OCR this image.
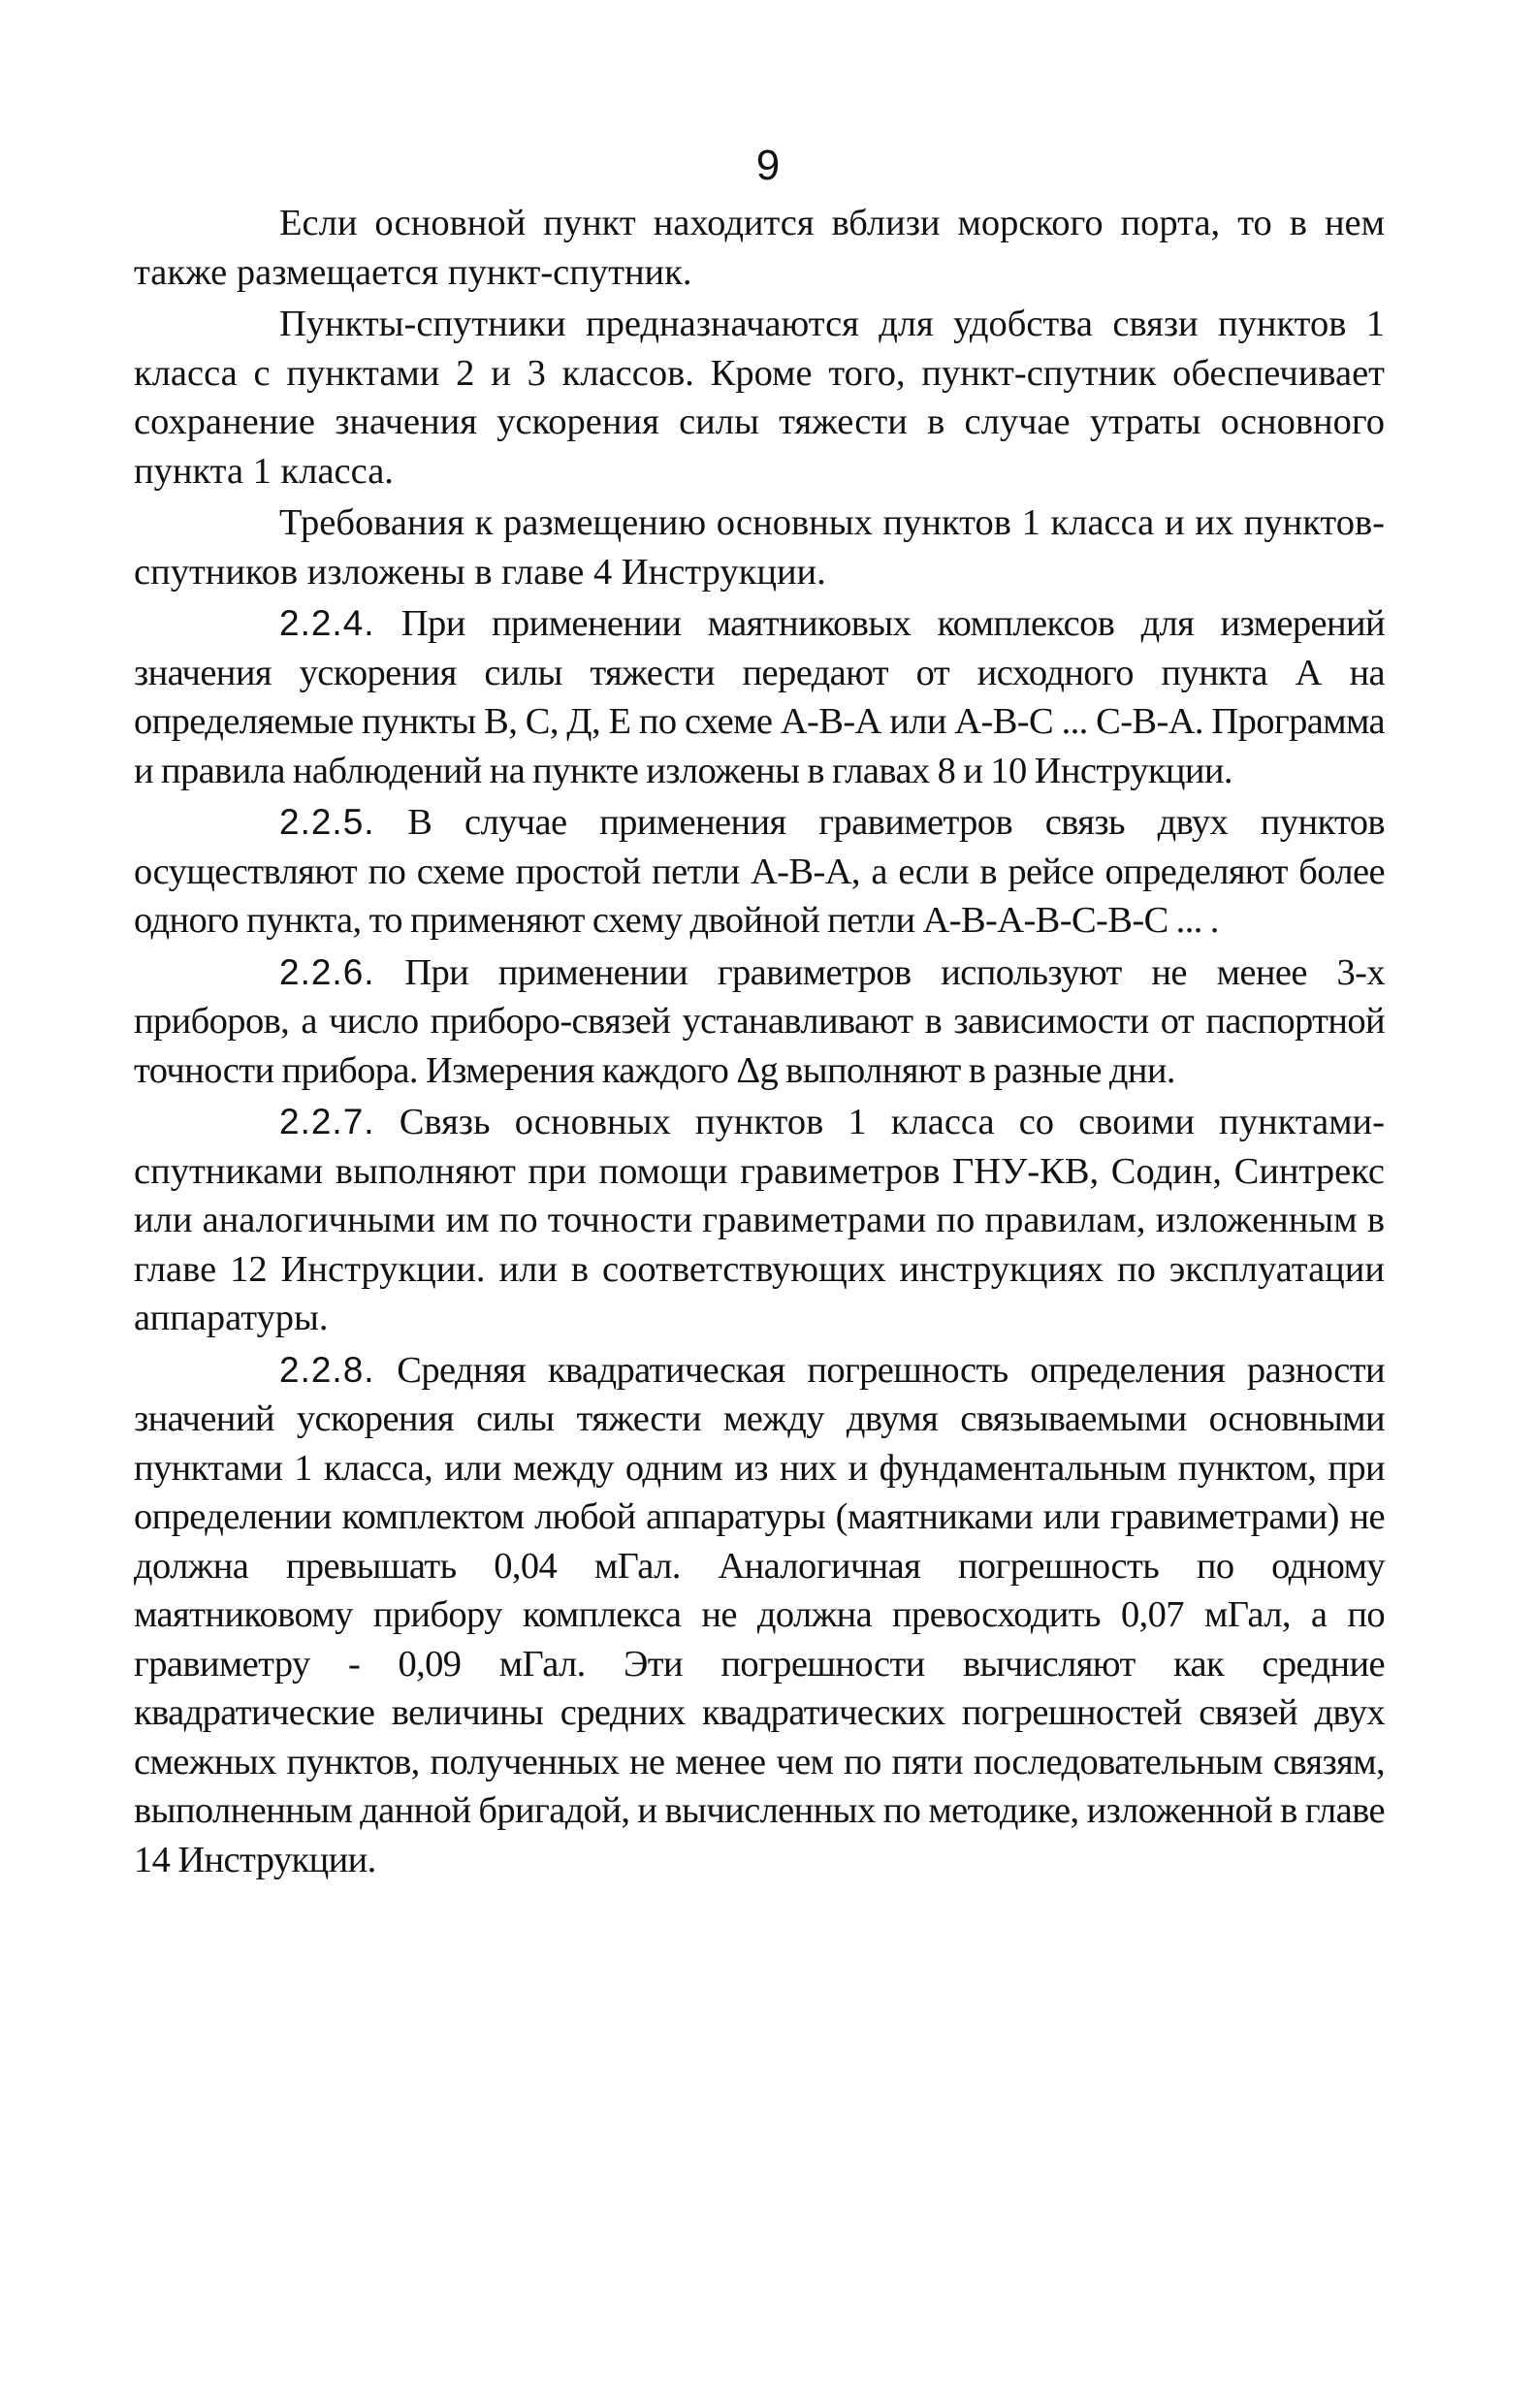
9

Если основной пункт находится вблизи морского порта, то в нем также размещается пункт-спутник.

Пункты-спутники предназначаются для удобства связи пунктов 1 класса с пунктами 2 и 3 классов. Кроме того, пункт-спутник обеспечивает сохранение значения ускорения силы тяжести в случае утраты основного пункта 1 класса.

Требования к размещению основных пунктов 1 класса и их пунктов-спутников изложены в главе 4 Инструкции.

2.2.4. При применении маятниковых комплексов для измерений значения ускорения силы тяжести передают от исходного пункта А на определяемые пункты В, С, Д, Е по схеме А-В-А или А-В-С ... С-В-А. Программа и правила наблюдений на пункте изложены в главах 8 и 10 Инструкции.

2.2.5. В случае применения гравиметров связь двух пунктов осуществляют по схеме простой петли А-В-А, а если в рейсе определяют более одного пункта, то применяют схему двойной петли А-В-А-В-С-В-С ... .

2.2.6. При применении гравиметров используют не менее 3-х приборов, а число приборо-связей устанавливают в зависимости от паспортной точности прибора. Измерения каждого Δg выполняют в разные дни.

2.2.7. Связь основных пунктов 1 класса со своими пунктами-спутниками выполняют при помощи гравиметров ГНУ-КВ, Содин, Синтрекс или аналогичными им по точности гравиметрами по правилам, изложенным в главе 12 Инструкции. или в соответствующих инструкциях по эксплуатации аппаратуры.

2.2.8. Средняя квадратическая погрешность определения разности значений ускорения силы тяжести между двумя связываемыми основными пунктами 1 класса, или между одним из них и фундаментальным пунктом, при определении комплектом любой аппаратуры (маятниками или гравиметрами) не должна превышать 0,04 мГал. Аналогичная погрешность по одному маятниковому прибору комплекса не должна превосходить 0,07 мГал, а по гравиметру - 0,09 мГал. Эти погрешности вычисляют как средние квадратические величины средних квадратических погрешностей связей двух смежных пунктов, полученных не менее чем по пяти последовательным связям, выполненным данной бригадой, и вычисленных по методике, изложенной в главе 14 Инструкции.
